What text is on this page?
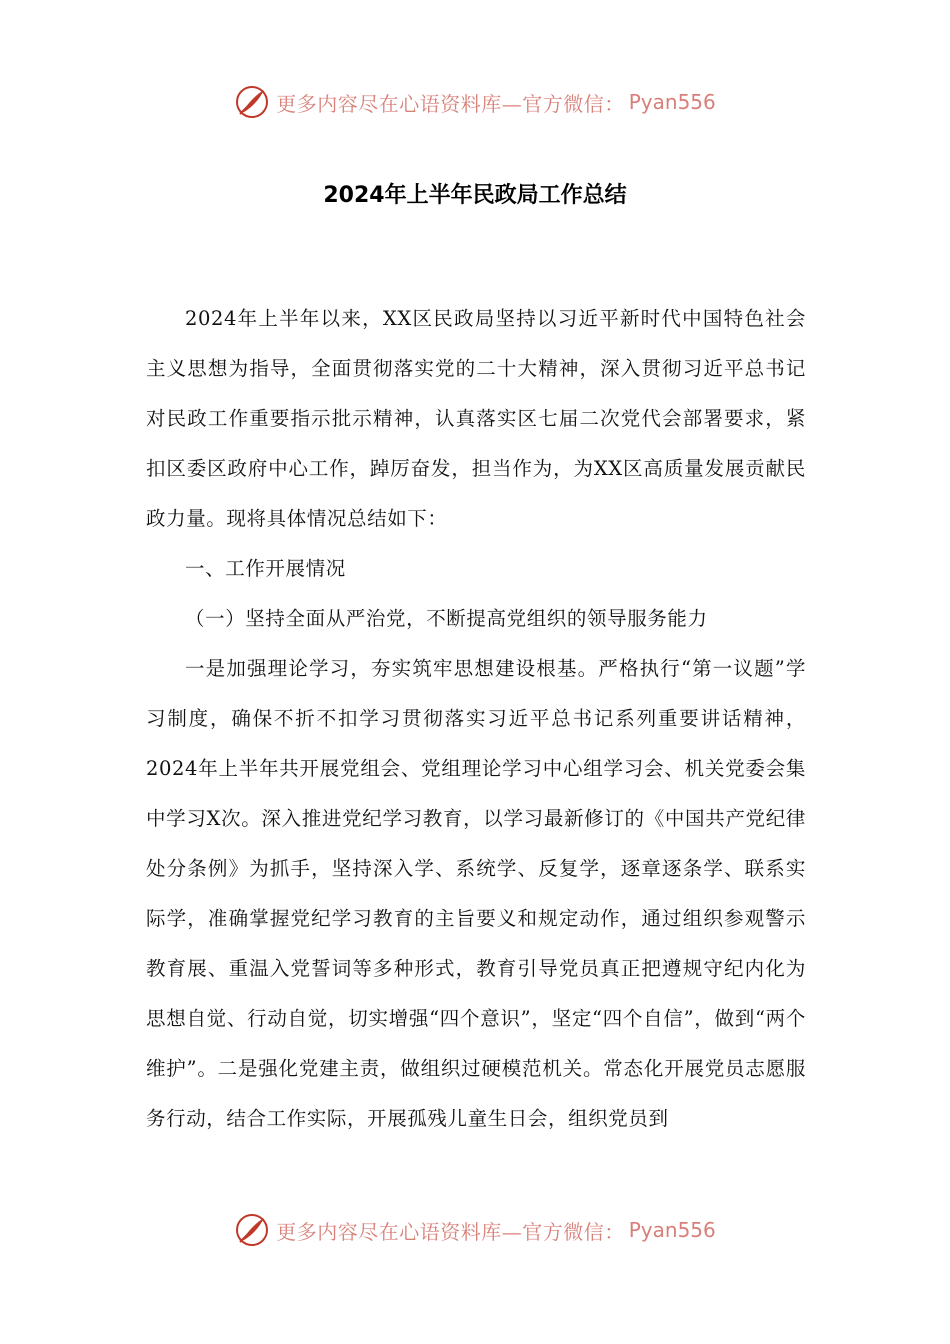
更多内容尽在心语资料库—官方微信： Pyan556
2024年上半年民政局工作总结

2024年上半年以来，XX区民政局坚持以习近平新时代中国特色社会主义思想为指导，全面贯彻落实党的二十大精神，深入贯彻习近平总书记对民政工作重要指示批示精神，认真落实区七届二次党代会部署要求，紧扣区委区政府中心工作，踔厉奋发，担当作为，为XX区高质量发展贡献民政力量。现将具体情况总结如下：

一、工作开展情况

（一）坚持全面从严治党，不断提高党组织的领导服务能力

一是加强理论学习，夯实筑牢思想建设根基。严格执行“第一议题”学习制度，确保不折不扣学习贯彻落实习近平总书记系列重要讲话精神，2024年上半年共开展党组会、党组理论学习中心组学习会、机关党委会集中学习X次。深入推进党纪学习教育，以学习最新修订的《中国共产党纪律处分条例》为抓手，坚持深入学、系统学、反复学，逐章逐条学、联系实际学，准确掌握党纪学习教育的主旨要义和规定动作，通过组织参观警示教育展、重温入党誓词等多种形式，教育引导党员真正把遵规守纪内化为思想自觉、行动自觉，切实增强“四个意识”，坚定“四个自信”，做到“两个维护”。二是强化党建主责，做组织过硬模范机关。常态化开展党员志愿服务行动，结合工作实际，开展孤残儿童生日会，组织党员到

更多内容尽在心语资料库—官方微信： Pyan556
